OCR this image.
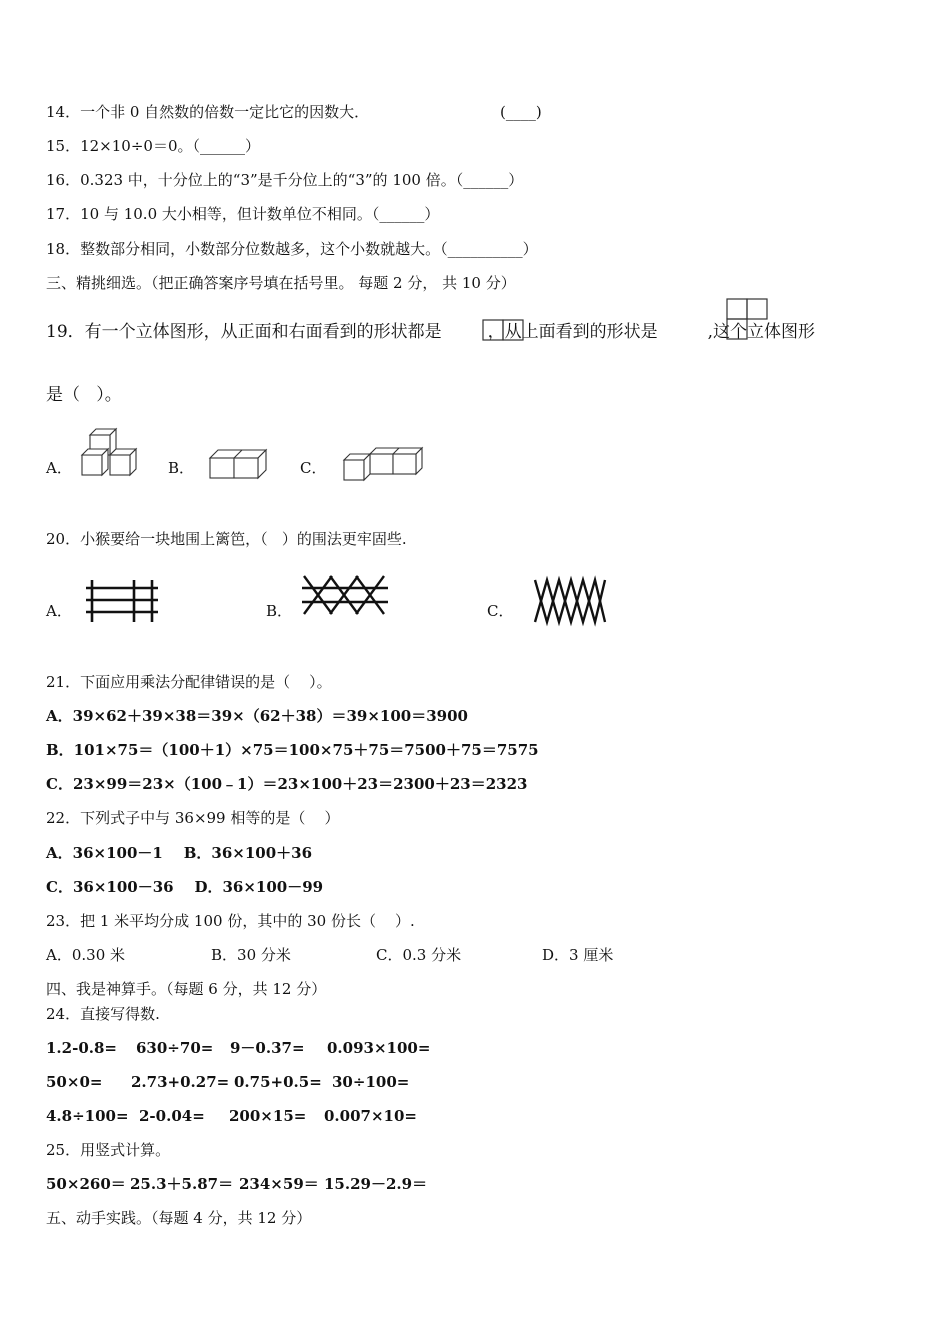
14．一个非 0 自然数的倍数一定比它的因数大．	(____)
15．12×10÷0＝0。（______）
16．0.323 中，十分位上的“3”是千分位上的“3”的 100 倍。（______）
17．10 与 10.0 大小相等，但计数单位不相同。（______）
18．整数部分相同，小数部分位数越多，这个小数就越大。（__________）
三、精挑细选。（把正确答案序号填在括号里。 每题 2 分， 共 10 分）
19．有一个立体图形，从正面和右面看到的形状都是	，从上面看到的形状是	,这个立体图形
是（   ）。
A．	B．	C．
20．小猴要给一块地围上篱笆，（   ）的围法更牢固些.
A．	B．	C．
21．下面应用乘法分配律错误的是（    ）。
A．39×62＋39×38＝39×（62＋38）＝39×100＝3900
B．101×75＝（100＋1）×75＝100×75＋75＝7500＋75＝7575
C．23×99＝23×（100﹣1）＝23×100＋23＝2300＋23＝2323
22．下列式子中与 36×99 相等的是（    ）
A．36×100－1    B．36×100＋36
C．36×100－36    D．36×100－99
23．把 1 米平均分成 100 份，其中的 30 份长（    ）.
A．0.30 米	B．30 分米	C．0.3 分米	D．3 厘米
四、我是神算手。（每题 6 分，共 12 分）
24．直接写得数.
1.2-0.8= 630÷70= 9－0.37= 0.093×100=
50×0= 2.73+0.27= 0.75+0.5= 30÷100=
4.8÷100= 2-0.04= 200×15= 0.007×10=
25．用竖式计算。
50×260＝ 25.3＋5.87＝ 234×59＝ 15.29－2.9＝
五、动手实践。（每题 4 分，共 12 分）
